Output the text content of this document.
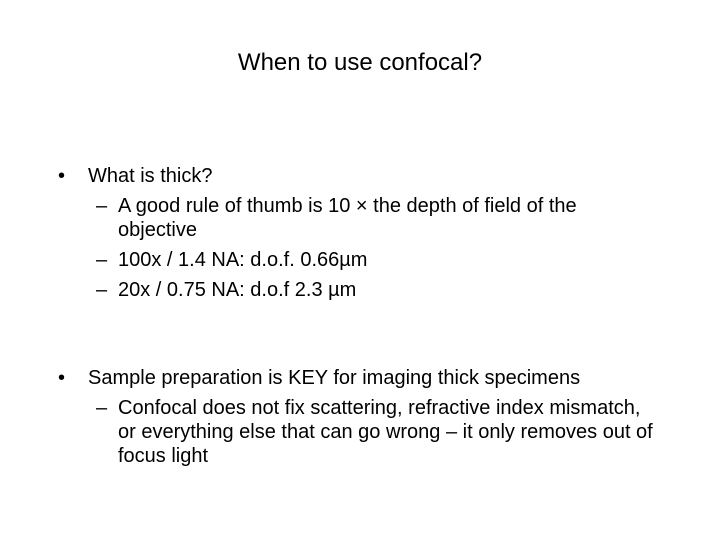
When to use confocal?
• What is thick?
– A good rule of thumb is 10 × the depth of field of the objective
– 100x / 1.4 NA: d.o.f. 0.66µm
– 20x / 0.75 NA: d.o.f 2.3 µm
• Sample preparation is KEY for imaging thick specimens
– Confocal does not fix scattering, refractive index mismatch, or everything else that can go wrong – it only removes out of focus light
